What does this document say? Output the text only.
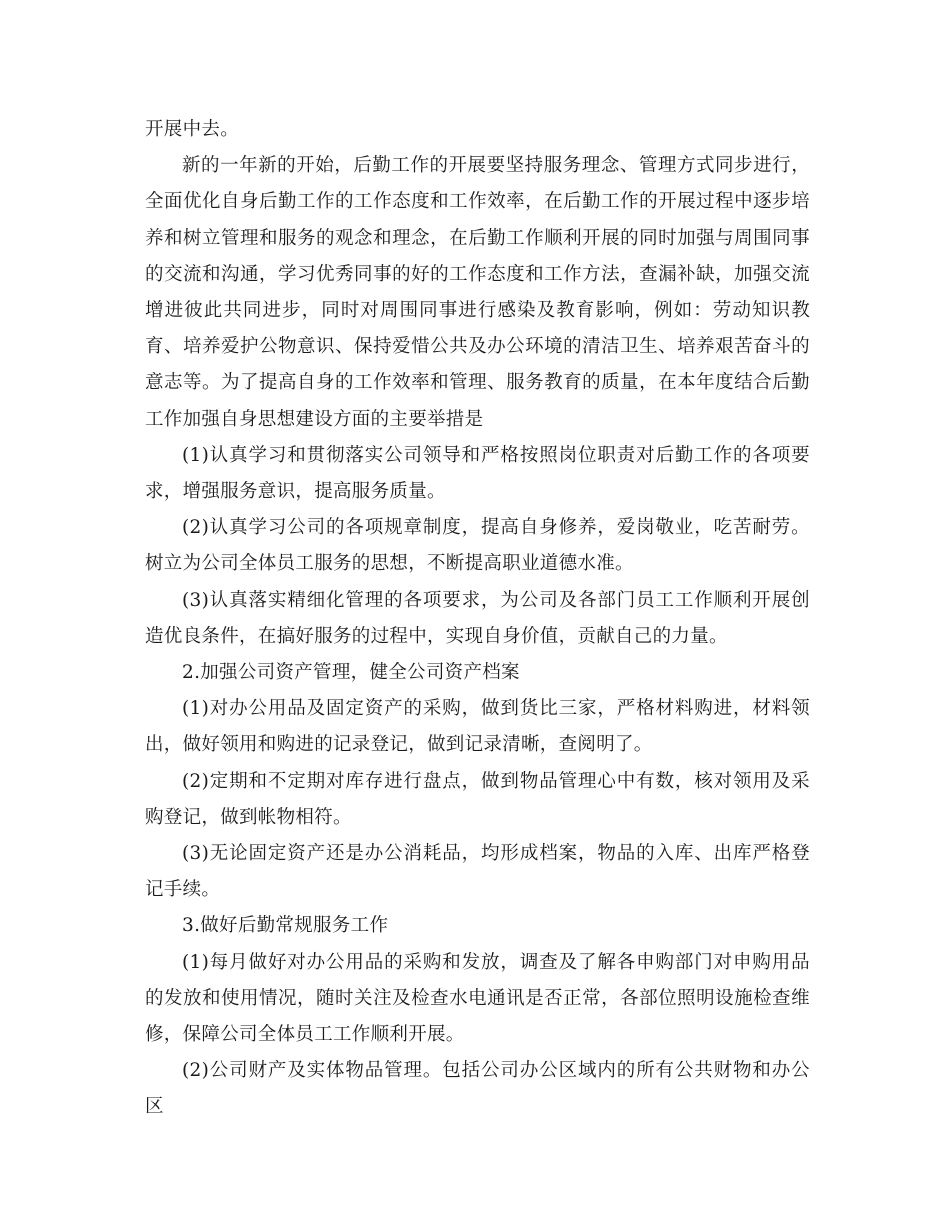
开展中去。

新的一年新的开始，后勤工作的开展要坚持服务理念、管理方式同步进行，全面优化自身后勤工作的工作态度和工作效率，在后勤工作的开展过程中逐步培养和树立管理和服务的观念和理念，在后勤工作顺利开展的同时加强与周围同事的交流和沟通，学习优秀同事的好的工作态度和工作方法，查漏补缺，加强交流增进彼此共同进步，同时对周围同事进行感染及教育影响，例如：劳动知识教育、培养爱护公物意识、保持爱惜公共及办公环境的清洁卫生、培养艰苦奋斗的意志等。为了提高自身的工作效率和管理、服务教育的质量，在本年度结合后勤工作加强自身思想建设方面的主要举措是

(1)认真学习和贯彻落实公司领导和严格按照岗位职责对后勤工作的各项要求，增强服务意识，提高服务质量。

(2)认真学习公司的各项规章制度，提高自身修养，爱岗敬业，吃苦耐劳。树立为公司全体员工服务的思想，不断提高职业道德水准。

(3)认真落实精细化管理的各项要求，为公司及各部门员工工作顺利开展创造优良条件，在搞好服务的过程中，实现自身价值，贡献自己的力量。

2.加强公司资产管理，健全公司资产档案

(1)对办公用品及固定资产的采购，做到货比三家，严格材料购进，材料领出，做好领用和购进的记录登记，做到记录清晰，查阅明了。

(2)定期和不定期对库存进行盘点，做到物品管理心中有数，核对领用及采购登记，做到帐物相符。

(3)无论固定资产还是办公消耗品，均形成档案，物品的入库、出库严格登记手续。

3.做好后勤常规服务工作

(1)每月做好对办公用品的采购和发放，调查及了解各申购部门对申购用品的发放和使用情况，随时关注及检查水电通讯是否正常，各部位照明设施检查维修，保障公司全体员工工作顺利开展。

(2)公司财产及实体物品管理。包括公司办公区域内的所有公共财物和办公区
